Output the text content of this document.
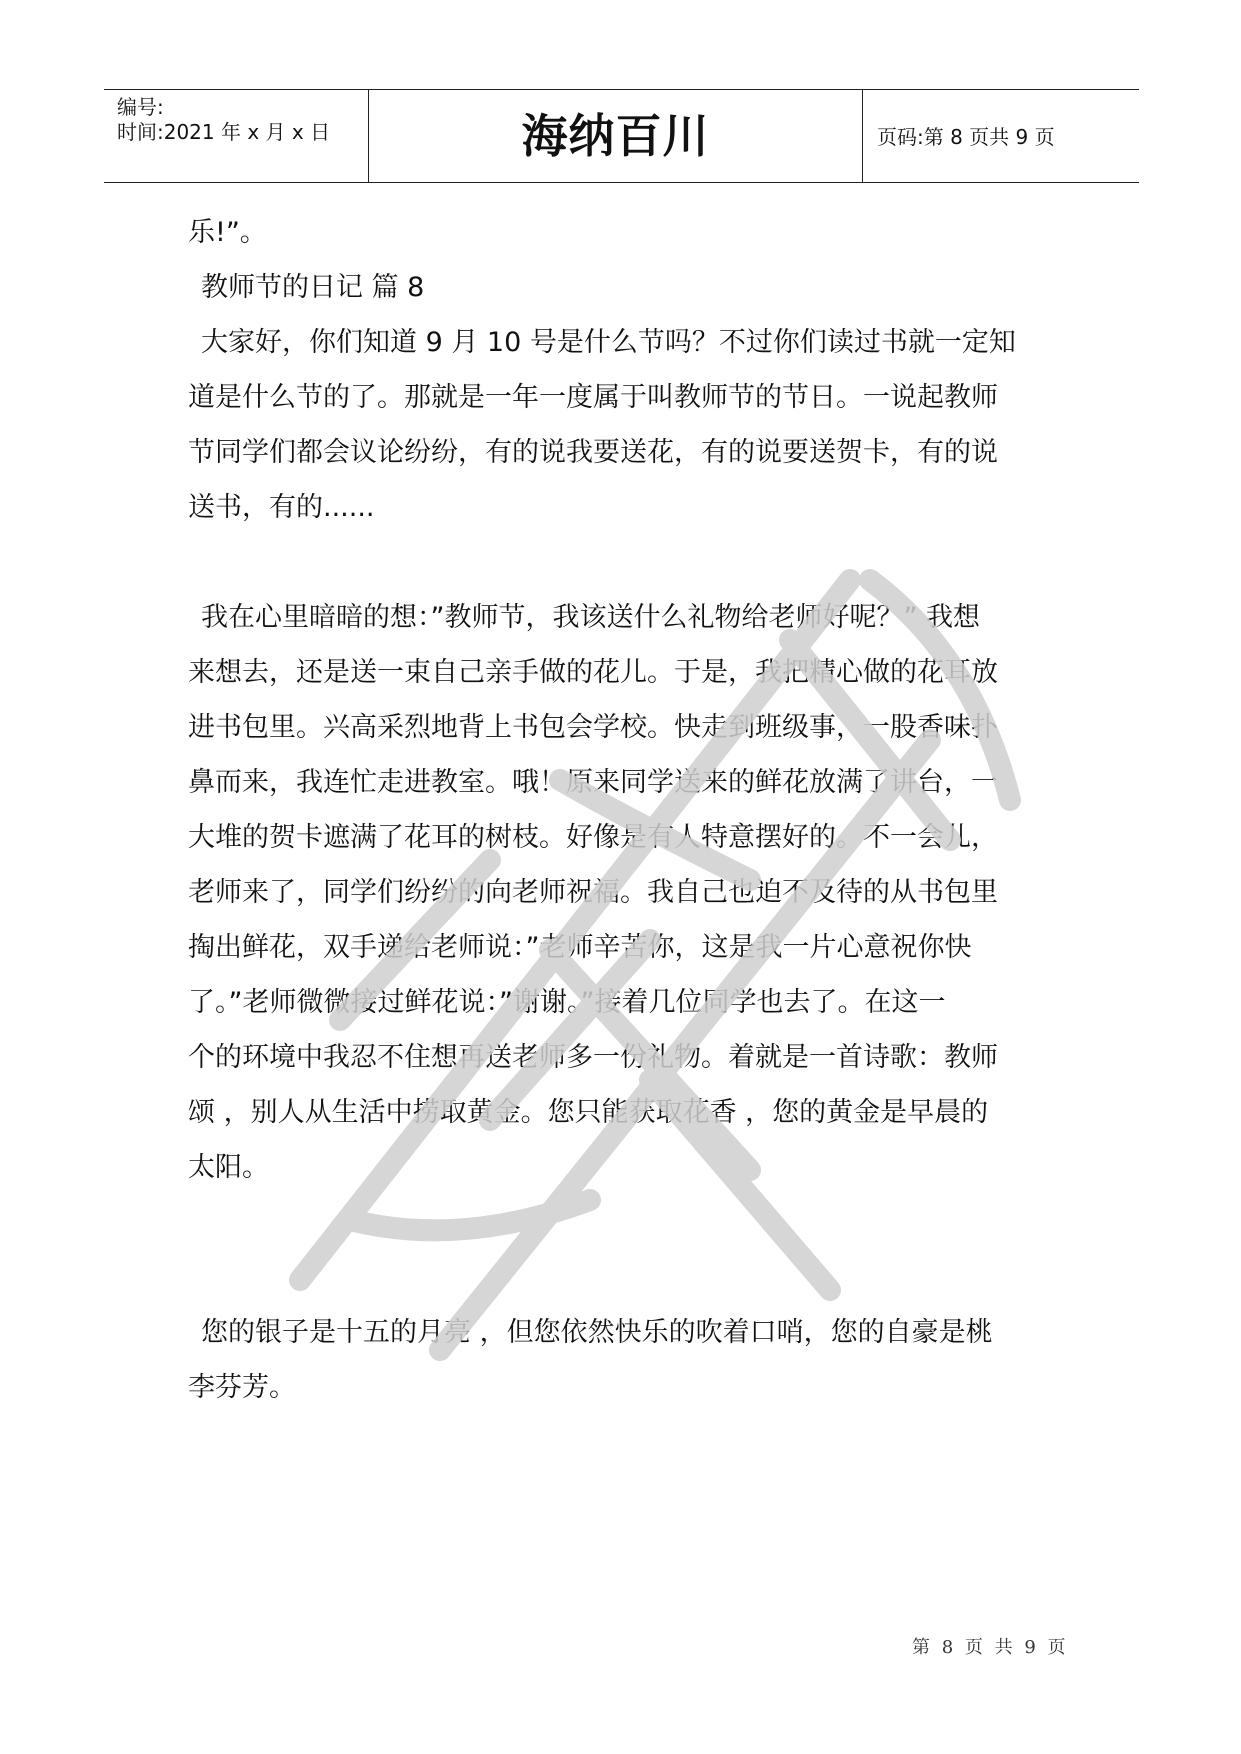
编号:
时间:2021 年 x 月 x 日	海纳百川	页码:第 8 页共 9 页
乐!”。
教师节的日记 篇 8
大家好，你们知道 9 月 10 号是什么节吗？不过你们读过书就一定知
道是什么节的了。那就是一年一度属于叫教师节的节日。一说起教师
节同学们都会议论纷纷，有的说我要送花，有的说要送贺卡，有的说
送书，有的......
我在心里暗暗的想：”教师节，我该送什么礼物给老师好呢？” 我想
来想去，还是送一束自己亲手做的花儿。于是，我把精心做的花耳放
进书包里。兴高采烈地背上书包会学校。快走到班级事，一股香味扑
鼻而来，我连忙走进教室。哦！原来同学送来的鲜花放满了讲台，一
大堆的贺卡遮满了花耳的树枝。好像是有人特意摆好的。不一会儿，
老师来了，同学们纷纷的向老师祝福。我自己也迫不及待的从书包里
掏出鲜花，双手递给老师说：”老师辛苦你，这是我一片心意祝你快
了。”老师微微接过鲜花说：”谢谢。”接着几位同学也去了。在这一
个的环境中我忍不住想再送老师多一份礼物。着就是一首诗歌：教师
颂 ，别人从生活中捞取黄金。您只能获取花香 ，您的黄金是早晨的
太阳。
您的银子是十五的月亮 ，但您依然快乐的吹着口哨，您的自豪是桃
李芬芳。
第 8 页 共 9 页
